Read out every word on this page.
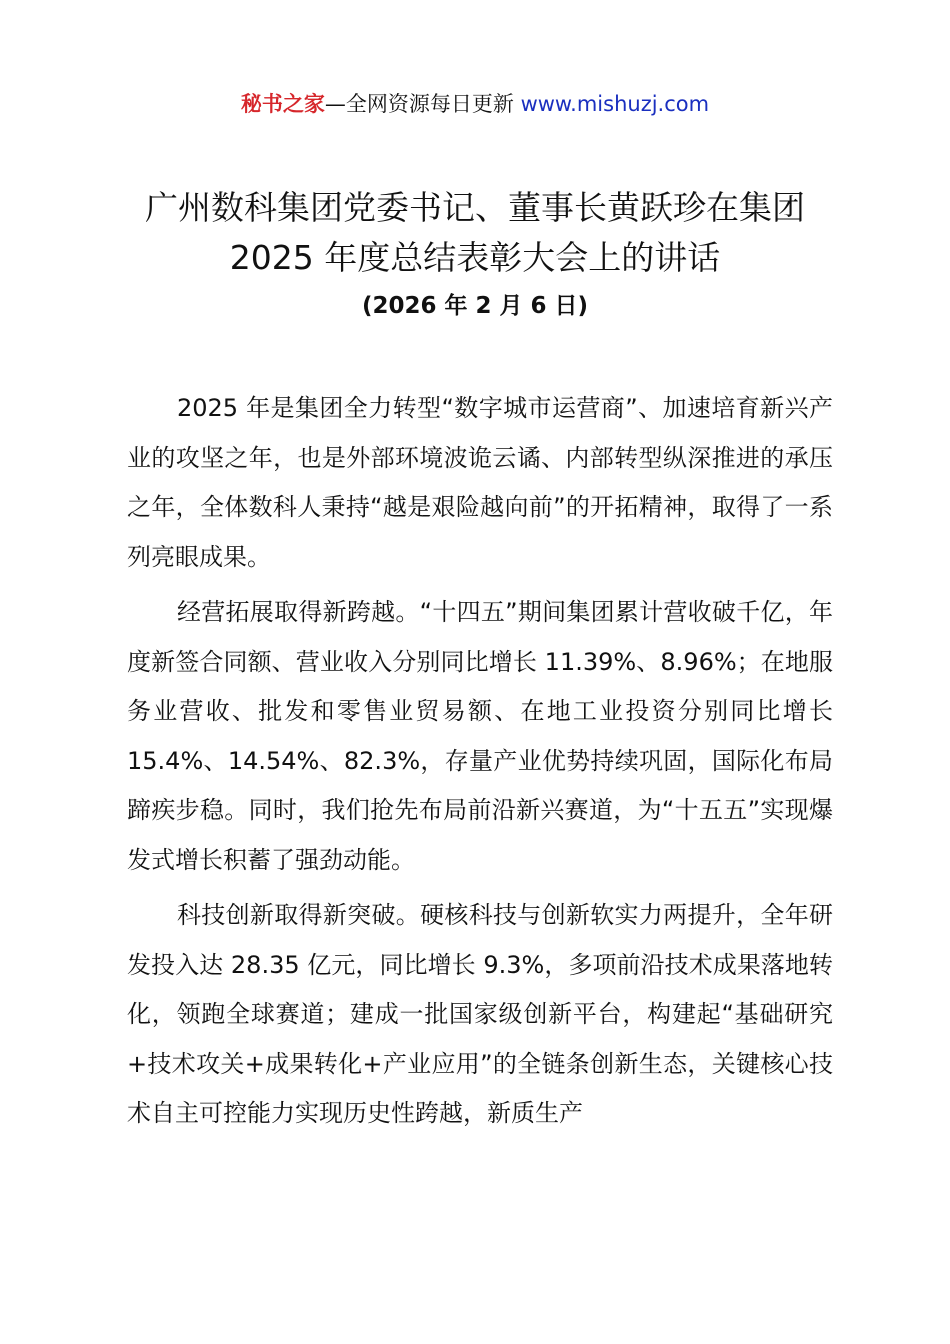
秘书之家—全网资源每日更新 www.mishuzj.com
广州数科集团党委书记、董事长黄跃珍在集团
2025 年度总结表彰大会上的讲话
(2026 年 2 月 6 日)

2025 年是集团全力转型“数字城市运营商”、加速培育新兴产业的攻坚之年，也是外部环境波诡云谲、内部转型纵深推进的承压之年，全体数科人秉持“越是艰险越向前”的开拓精神，取得了一系列亮眼成果。

经营拓展取得新跨越。“十四五”期间集团累计营收破千亿，年度新签合同额、营业收入分别同比增长 11.39%、8.96%；在地服务业营收、批发和零售业贸易额、在地工业投资分别同比增长 15.4%、14.54%、82.3%，存量产业优势持续巩固，国际化布局蹄疾步稳。同时，我们抢先布局前沿新兴赛道，为“十五五”实现爆发式增长积蓄了强劲动能。

科技创新取得新突破。硬核科技与创新软实力两提升，全年研发投入达 28.35 亿元，同比增长 9.3%，多项前沿技术成果落地转化，领跑全球赛道；建成一批国家级创新平台，构建起“基础研究+技术攻关+成果转化+产业应用”的全链条创新生态，关键核心技术自主可控能力实现历史性跨越，新质生产
